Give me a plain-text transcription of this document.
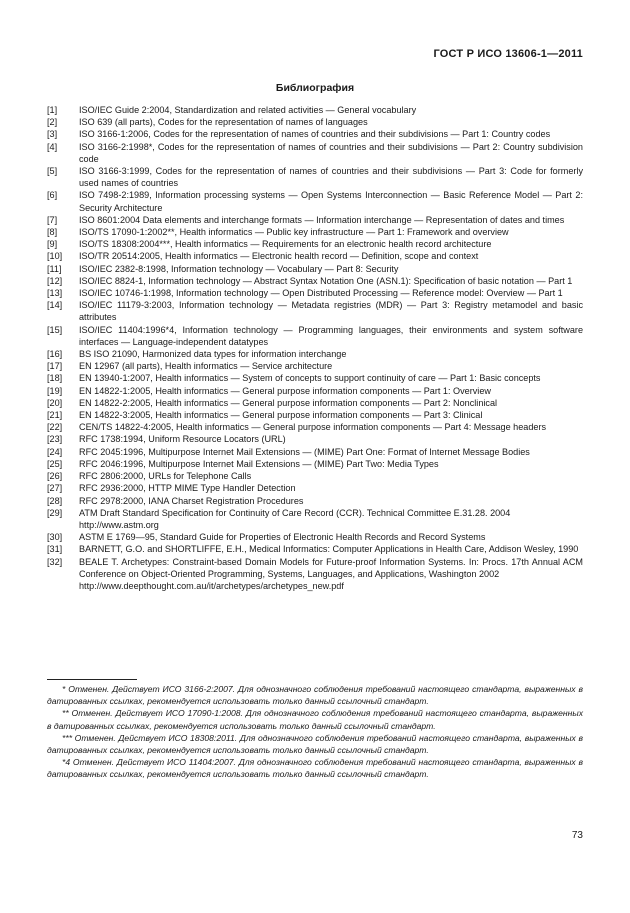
ГОСТ Р ИСО 13606-1—2011
Библиография
[1]	ISO/IEC Guide 2:2004, Standardization and related activities — General vocabulary
[2]	ISO 639 (all parts), Codes for the representation of names of languages
[3]	ISO 3166-1:2006, Codes for the representation of names of countries and their subdivisions — Part 1: Country codes
[4]	ISO 3166-2:1998*, Codes for the representation of names of countries and their subdivisions — Part 2: Country subdivision code
[5]	ISO 3166-3:1999, Codes for the representation of names of countries and their subdivisions — Part 3: Code for formerly used names of countries
[6]	ISO 7498-2:1989, Information processing systems — Open Systems Interconnection — Basic Reference Model — Part 2: Security Architecture
[7]	ISO 8601:2004 Data elements and interchange formats — Information interchange — Representation of dates and times
[8]	ISO/TS 17090-1:2002**, Health informatics — Public key infrastructure — Part 1: Framework and overview
[9]	ISO/TS 18308:2004***, Health informatics — Requirements for an electronic health record architecture
[10]	ISO/TR 20514:2005, Health informatics — Electronic health record — Definition, scope and context
[11]	ISO/IEC 2382-8:1998, Information technology — Vocabulary — Part 8: Security
[12]	ISO/IEC 8824-1, Information technology — Abstract Syntax Notation One (ASN.1): Specification of basic notation — Part 1
[13]	ISO/IEC 10746-1:1998, Information technology — Open Distributed Processing — Reference model: Overview — Part 1
[14]	ISO/IEC 11179-3:2003, Information technology — Metadata registries (MDR) — Part 3: Registry metamodel and basic attributes
[15]	ISO/IEC 11404:1996*4, Information technology — Programming languages, their environments and system software interfaces — Language-independent datatypes
[16]	BS ISO 21090, Harmonized data types for information interchange
[17]	EN 12967 (all parts), Health informatics — Service architecture
[18]	EN 13940-1:2007, Health informatics — System of concepts to support continuity of care — Part 1: Basic concepts
[19]	EN 14822-1:2005, Health informatics — General purpose information components — Part 1: Overview
[20]	EN 14822-2:2005, Health informatics — General purpose information components — Part 2: Nonclinical
[21]	EN 14822-3:2005, Health informatics — General purpose information components — Part 3: Clinical
[22]	CEN/TS 14822-4:2005, Health informatics — General purpose information components — Part 4: Message headers
[23]	RFC 1738:1994, Uniform Resource Locators (URL)
[24]	RFC 2045:1996, Multipurpose Internet Mail Extensions — (MIME) Part One: Format of Internet Message Bodies
[25]	RFC 2046:1996, Multipurpose Internet Mail Extensions — (MIME) Part Two: Media Types
[26]	RFC 2806:2000, URLs for Telephone Calls
[27]	RFC 2936:2000, HTTP MIME Type Handler Detection
[28]	RFC 2978:2000, IANA Charset Registration Procedures
[29]	ATM Draft Standard Specification for Continuity of Care Record (CCR). Technical Committee E.31.28. 2004
http://www.astm.org
[30]	ASTM E 1769—95, Standard Guide for Properties of Electronic Health Records and Record Systems
[31]	BARNETT, G.O. and SHORTLIFFE, E.H., Medical Informatics: Computer Applications in Health Care, Addison Wesley, 1990
[32]	BEALE T. Archetypes: Constraint-based Domain Models for Future-proof Information Systems. In: Procs. 17th Annual ACM Conference on Object-Oriented Programming, Systems, Languages, and Applications, Washington 2002
http://www.deepthought.com.au/it/archetypes/archetypes_new.pdf

* Отменен. Действует ИСО 3166-2:2007. Для однозначного соблюдения требований настоящего стандарта, выраженных в датированных ссылках, рекомендуется использовать только данный ссылочный стандарт.

** Отменен. Действует ИСО 17090-1:2008. Для однозначного соблюдения требований настоящего стандарта, выраженных в датированных ссылках, рекомендуется использовать только данный ссылочный стандарт.

*** Отменен. Действует ИСО 18308:2011. Для однозначного соблюдения требований настоящего стандарта, выраженных в датированных ссылках, рекомендуется использовать только данный ссылочный стандарт.

*4 Отменен. Действует ИСО 11404:2007. Для однозначного соблюдения требований настоящего стандарта, выраженных в датированных ссылках, рекомендуется использовать только данный ссылочный стандарт.

73
